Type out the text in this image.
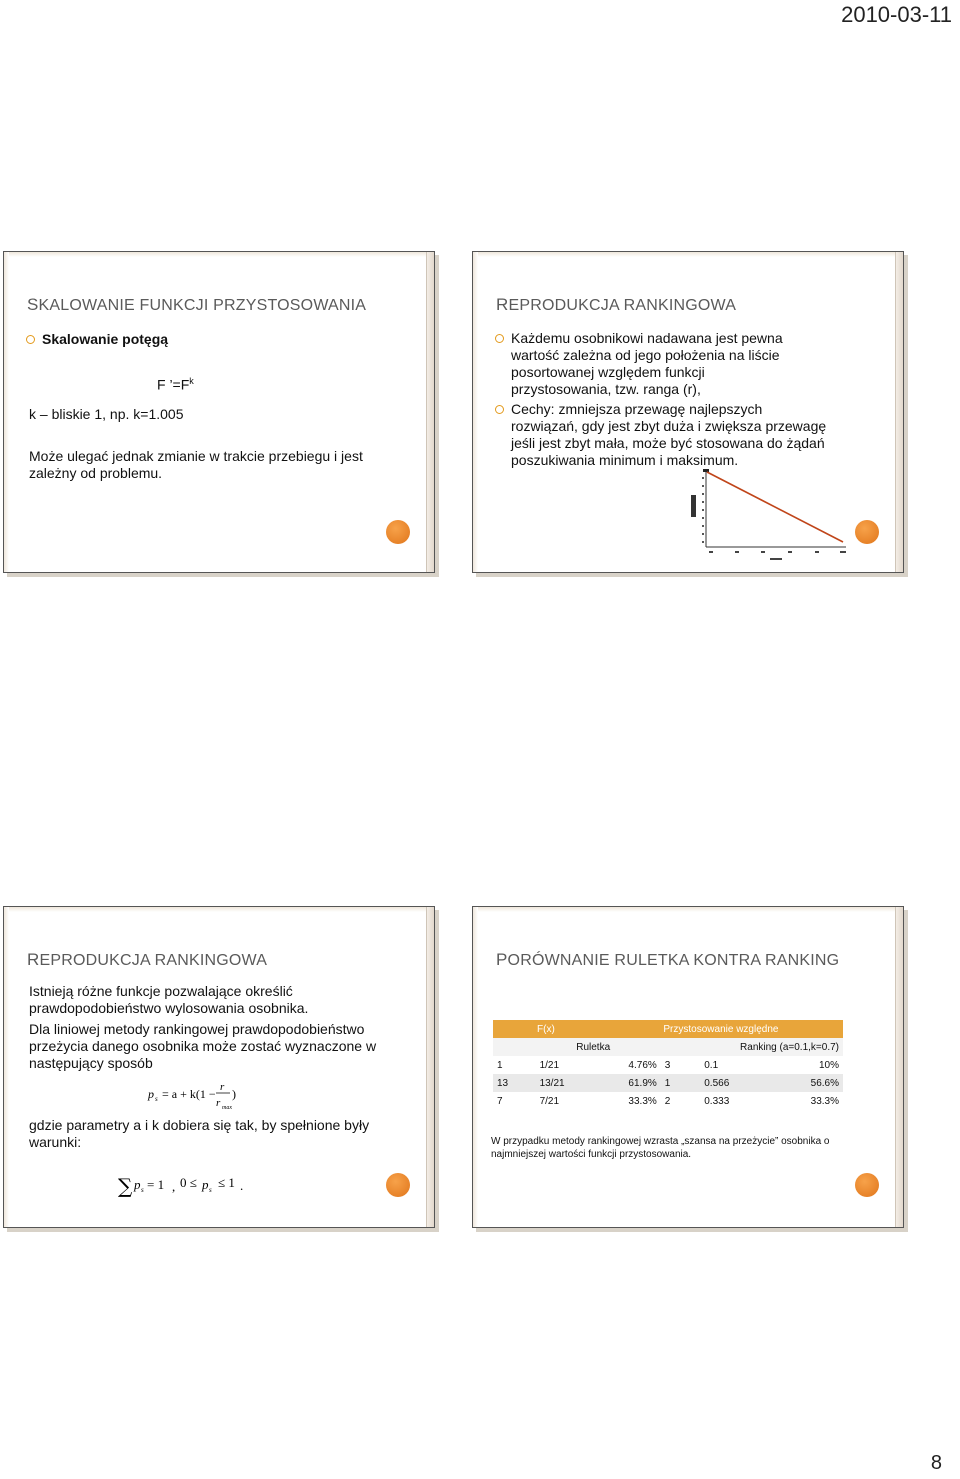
2010-03-11
SKALOWANIE FUNKCJI PRZYSTOSOWANIA
Skalowanie potęgą
F $’=F^k$
k – bliskie 1, np. k=1.005
Może ulegać jednak zmianie w trakcie przebiegu i jest
zależny od problemu.
REPRODUKCJA RANKINGOWA
Każdemu osobnikowi nadawana jest pewna
wartość zależna od jego położenia na liście
posortowanej względem funkcji
przystosowania, tzw. ranga (r),
Cechy: zmniejsza przewagę najlepszych
rozwiązań, gdy jest zbyt duża i zwiększa przewagę
jeśli jest zbyt mała, może być stosowana do żądań
poszukiwania minimum i maksimum.
REPRODUKCJA RANKINGOWA
Istnieją różne funkcje pozwalające określić
prawdopodobieństwo wylosowania osobnika.
Dla liniowej metody rankingowej prawdopodobieństwo
przeżycia danego osobnika może zostać wyznaczone w
następujący sposób
p s = a + k(1 − r
r max
)
gdzie parametry a i k dobiera się tak, by spełnione były
warunki:
∑ p s = 1 , 0 ≤ p s ≤ 1 .
PORÓWNANIE RULETKA KONTRA RANKING
F(x)		Przystosowanie względne			
	Ruletka		Ranking (a=0.1,k=0.7)		
1	1/21	4.76%	3	0.1	10%
13	13/21	61.9%	1	0.566	56.6%
7	7/21	33.3%	2	0.333	33.3%
W przypadku metody rankingowej wzrasta „szansa na przeżycie” osobnika o
najmniejszej wartości funkcji przystosowania.
8
